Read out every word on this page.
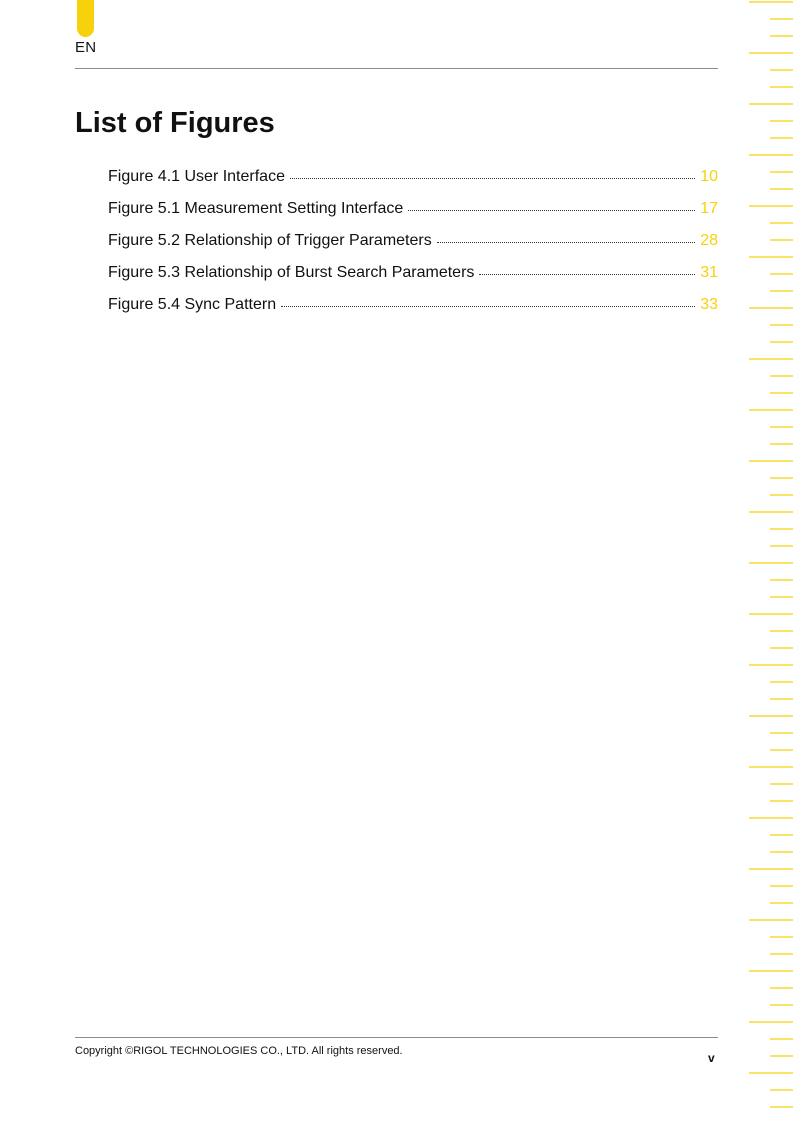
EN
List of Figures
Figure 4.1 User Interface	10
Figure 5.1 Measurement Setting Interface	17
Figure 5.2 Relationship of Trigger Parameters	28
Figure 5.3 Relationship of Burst Search Parameters	31
Figure 5.4 Sync Pattern	33
Copyright ©RIGOL TECHNOLOGIES CO., LTD. All rights reserved.	v
